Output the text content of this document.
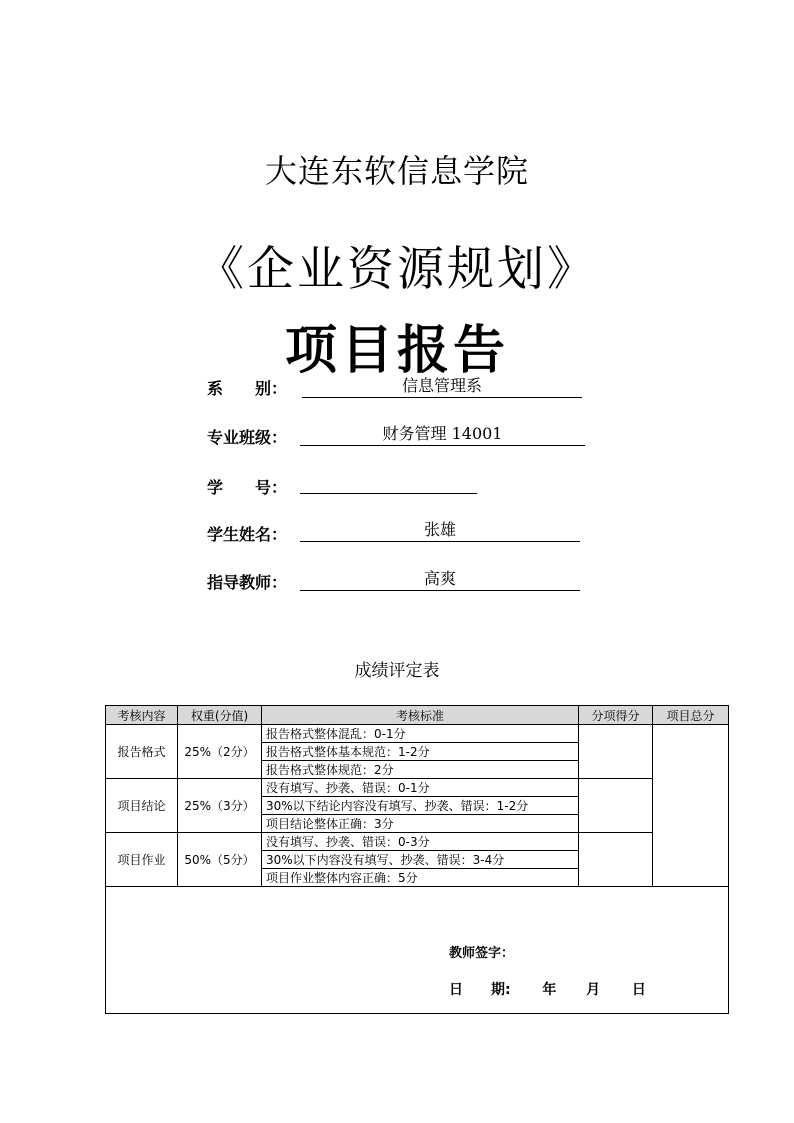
大连东软信息学院
《企业资源规划》
项目报告
系　　别：	信息管理系
专业班级：	财务管理 14001
学　　号：
学生姓名：	张雄
指导教师：	高爽
成绩评定表
考核内容	权重(分值)	考核标准	分项得分	项目总分
报告格式	25%（2分）	报告格式整体混乱：0-1分		
		报告格式整体基本规范：1-2分		
		报告格式整体规范：2分		
项目结论	25%（3分）	没有填写、抄袭、错误：0-1分		
		30%以下结论内容没有填写、抄袭、错误：1-2分		
		项目结论整体正确：3分		
项目作业	50%（5分）	没有填写、抄袭、错误：0-3分		
		30%以下内容没有填写、抄袭、错误：3-4分		
		项目作业整体内容正确：5分		

教师签字：
日　　期: 年 月 日				
